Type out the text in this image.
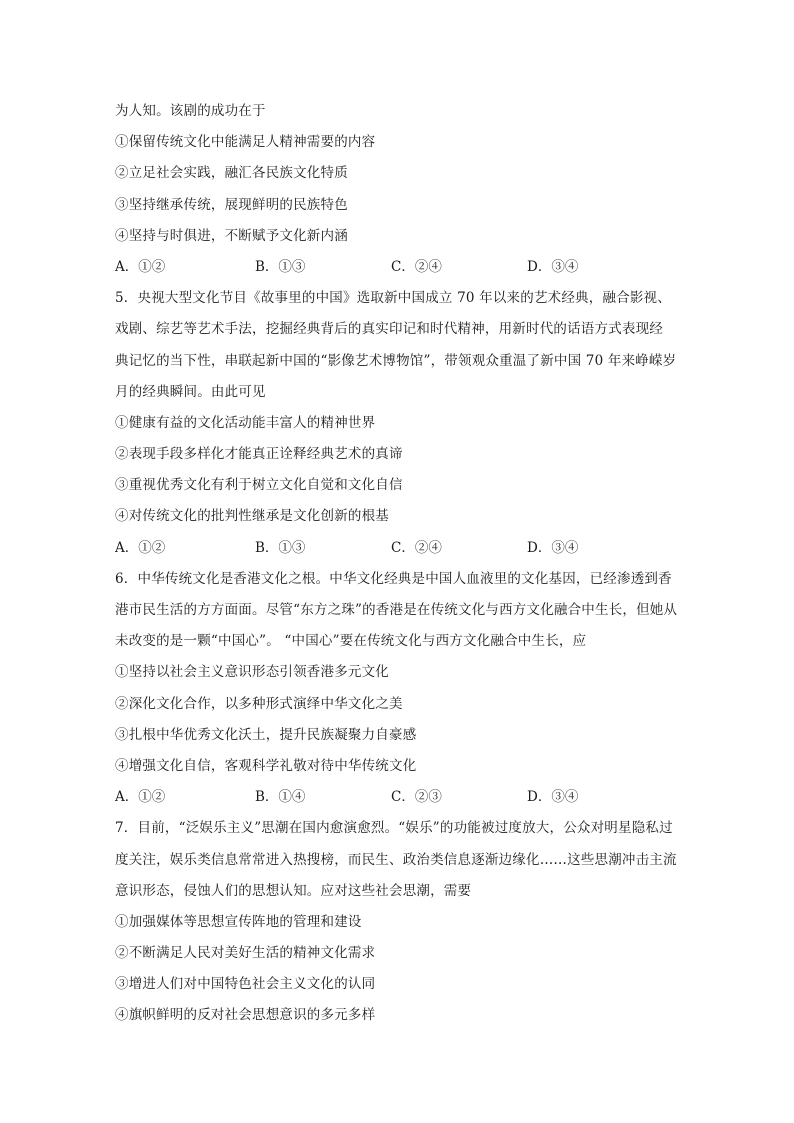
为人知。该剧的成功在于
①保留传统文化中能满足人精神需要的内容
②立足社会实践，融汇各民族文化特质
③坚持继承传统，展现鲜明的民族特色
④坚持与时俱进，不断赋予文化新内涵
A．①②	B．①③	C．②④	D．③④
5．央视大型文化节目《故事里的中国》选取新中国成立 70 年以来的艺术经典，融合影视、
戏剧、综艺等艺术手法，挖掘经典背后的真实印记和时代精神，用新时代的话语方式表现经
典记忆的当下性，串联起新中国的“影像艺术博物馆”，带领观众重温了新中国 70 年来峥嵘岁
月的经典瞬间。由此可见
①健康有益的文化活动能丰富人的精神世界
②表现手段多样化才能真正诠释经典艺术的真谛
③重视优秀文化有利于树立文化自觉和文化自信
④对传统文化的批判性继承是文化创新的根基
A．①②	B．①③	C．②④	D．③④
6．中华传统文化是香港文化之根。中华文化经典是中国人血液里的文化基因，已经渗透到香
港市民生活的方方面面。尽管“东方之珠”的香港是在传统文化与西方文化融合中生长，但她从
未改变的是一颗“中国心”。 “中国心”要在传统文化与西方文化融合中生长，应
①坚持以社会主义意识形态引领香港多元文化
②深化文化合作，以多种形式演绎中华文化之美
③扎根中华优秀文化沃土，提升民族凝聚力自豪感
④增强文化自信，客观科学礼敬对待中华传统文化
A．①②	B．①④	C．②③	D．③④
7．目前，“泛娱乐主义”思潮在国内愈演愈烈。“娱乐”的功能被过度放大，公众对明星隐私过
度关注，娱乐类信息常常进入热搜榜，而民生、政治类信息逐渐边缘化……这些思潮冲击主流
意识形态，侵蚀人们的思想认知。应对这些社会思潮，需要
①加强媒体等思想宣传阵地的管理和建设
②不断满足人民对美好生活的精神文化需求
③增进人们对中国特色社会主义文化的认同
④旗帜鲜明的反对社会思想意识的多元多样
